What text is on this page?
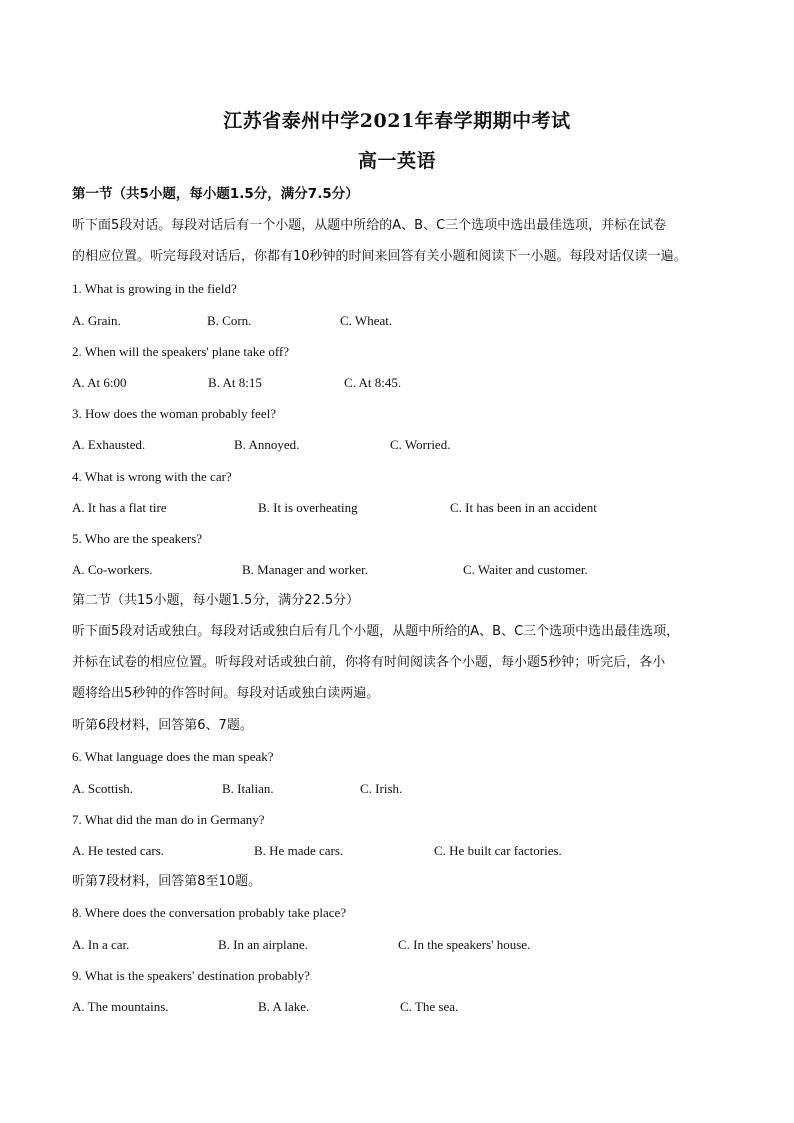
江苏省泰州中学2021年春学期期中考试
高一英语
第一节（共5小题，每小题1.5分，满分7.5分）
听下面5段对话。每段对话后有一个小题，从题中所给的A、B、C三个选项中选出最佳选项，并标在试卷
的相应位置。听完每段对话后，你都有10秒钟的时间来回答有关小题和阅读下一小题。每段对话仅读一遍。
1. What is growing in the field?
A. Grain.	B. Corn.	C. Wheat.
2. When will the speakers' plane take off?
A. At 6:00	B. At 8:15	C. At 8:45.
3. How does the woman probably feel?
A. Exhausted.	B. Annoyed.	C. Worried.
4. What is wrong with the car?
A. It has a flat tire	B. It is overheating	C. It has been in an accident
5. Who are the speakers?
A. Co-workers.	B. Manager and worker.	C. Waiter and customer.
第二节（共15小题，每小题1.5分，满分22.5分）
听下面5段对话或独白。每段对话或独白后有几个小题，从题中所给的A、B、C三个选项中选出最佳选项，
并标在试卷的相应位置。听每段对话或独白前，你将有时间阅读各个小题，每小题5秒钟；听完后，各小
题将给出5秒钟的作答时间。每段对话或独白读两遍。
听第6段材料，回答第6、7题。
6. What language does the man speak?
A. Scottish.	B. Italian.	C. Irish.
7. What did the man do in Germany?
A. He tested cars.	B. He made cars.	C. He built car factories.
听第7段材料，回答第8至10题。
8. Where does the conversation probably take place?
A. In a car.	B. In an airplane.	C. In the speakers' house.
9. What is the speakers' destination probably?
A. The mountains.	B. A lake.	C. The sea.
